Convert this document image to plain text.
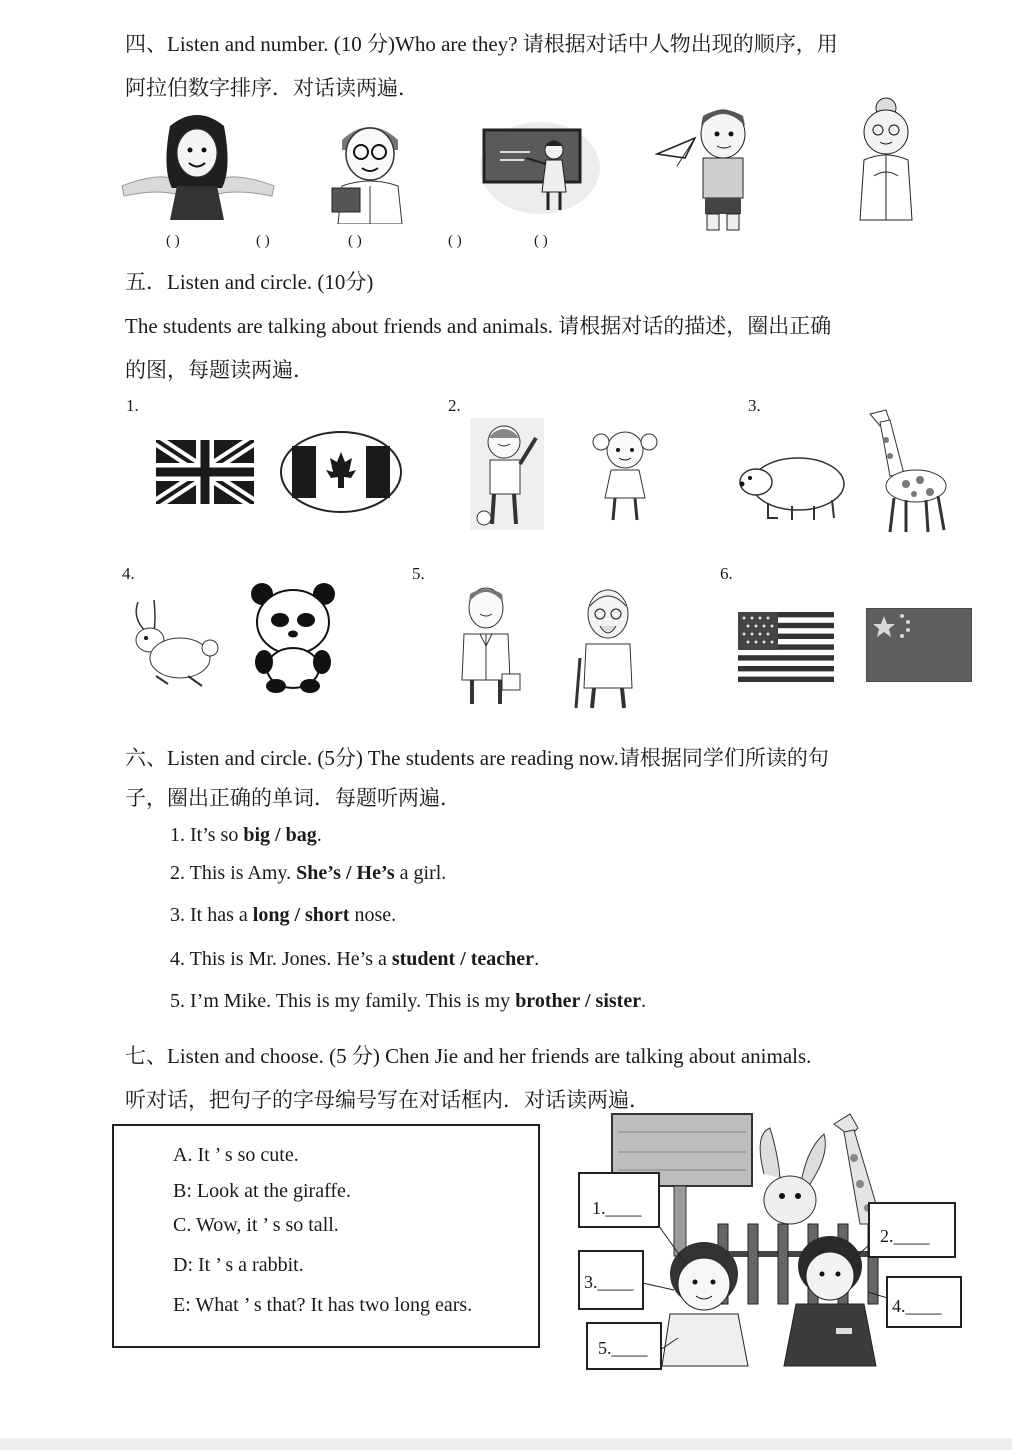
四、Listen and number. (10 分)Who are they? 请根据对话中人物出现的顺序，用
阿拉伯数字排序．对话读两遍．
( )	( )	( )	( )	( )
五．Listen and circle. (10分)
The students are talking about friends and animals. 请根据对话的描述，圈出正确
的图，每题读两遍．
1.	2.	3.
4.	5.	6.
六、Listen and circle. (5分) The students are reading now.请根据同学们所读的句
子，圈出正确的单词．每题听两遍．
1. It’s so big / bag.
2. This is Amy. She’s / He’s a girl.
3. It has a long / short nose.
4. This is Mr. Jones. He’s a student / teacher.
5. I’m Mike. This is my family. This is my brother / sister.
七、Listen and choose. (5 分) Chen Jie and her friends are talking about animals.
听对话，把句子的字母编号写在对话框内．对话读两遍．
A. It ’ s so cute.
B: Look at the giraffe.
C. Wow, it ’ s so tall.
D: It ’ s a rabbit.
E: What ’ s that? It has two long ears.
1.____
2.____
3.____
4.____
5.____
